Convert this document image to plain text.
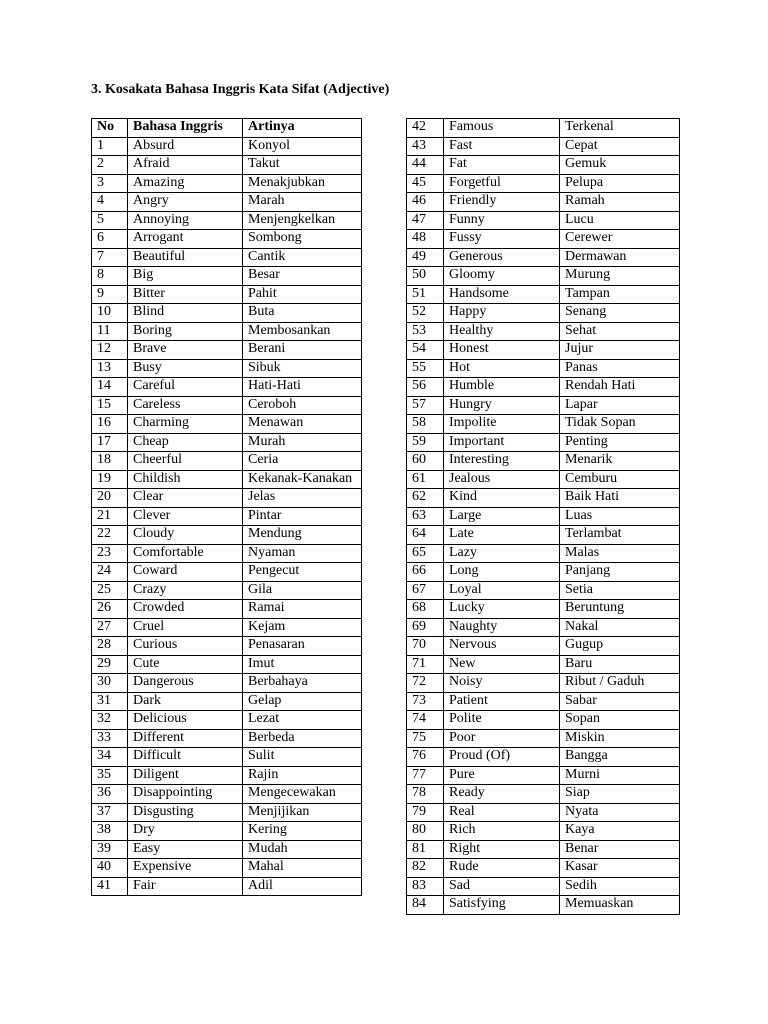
3. Kosakata Bahasa Inggris Kata Sifat (Adjective)
No	Bahasa Inggris	Artinya
1	Absurd	Konyol
2	Afraid	Takut
3	Amazing	Menakjubkan
4	Angry	Marah
5	Annoying	Menjengkelkan
6	Arrogant	Sombong
7	Beautiful	Cantik
8	Big	Besar
9	Bitter	Pahit
10	Blind	Buta
11	Boring	Membosankan
12	Brave	Berani
13	Busy	Sibuk
14	Careful	Hati-Hati
15	Careless	Ceroboh
16	Charming	Menawan
17	Cheap	Murah
18	Cheerful	Ceria
19	Childish	Kekanak-Kanakan
20	Clear	Jelas
21	Clever	Pintar
22	Cloudy	Mendung
23	Comfortable	Nyaman
24	Coward	Pengecut
25	Crazy	Gila
26	Crowded	Ramai
27	Cruel	Kejam
28	Curious	Penasaran
29	Cute	Imut
30	Dangerous	Berbahaya
31	Dark	Gelap
32	Delicious	Lezat
33	Different	Berbeda
34	Difficult	Sulit
35	Diligent	Rajin
36	Disappointing	Mengecewakan
37	Disgusting	Menjijikan
38	Dry	Kering
39	Easy	Mudah
40	Expensive	Mahal
41	Fair	Adil
42	Famous	Terkenal
43	Fast	Cepat
44	Fat	Gemuk
45	Forgetful	Pelupa
46	Friendly	Ramah
47	Funny	Lucu
48	Fussy	Cerewer
49	Generous	Dermawan
50	Gloomy	Murung
51	Handsome	Tampan
52	Happy	Senang
53	Healthy	Sehat
54	Honest	Jujur
55	Hot	Panas
56	Humble	Rendah Hati
57	Hungry	Lapar
58	Impolite	Tidak Sopan
59	Important	Penting
60	Interesting	Menarik
61	Jealous	Cemburu
62	Kind	Baik Hati
63	Large	Luas
64	Late	Terlambat
65	Lazy	Malas
66	Long	Panjang
67	Loyal	Setia
68	Lucky	Beruntung
69	Naughty	Nakal
70	Nervous	Gugup
71	New	Baru
72	Noisy	Ribut / Gaduh
73	Patient	Sabar
74	Polite	Sopan
75	Poor	Miskin
76	Proud (Of)	Bangga
77	Pure	Murni
78	Ready	Siap
79	Real	Nyata
80	Rich	Kaya
81	Right	Benar
82	Rude	Kasar
83	Sad	Sedih
84	Satisfying	Memuaskan
